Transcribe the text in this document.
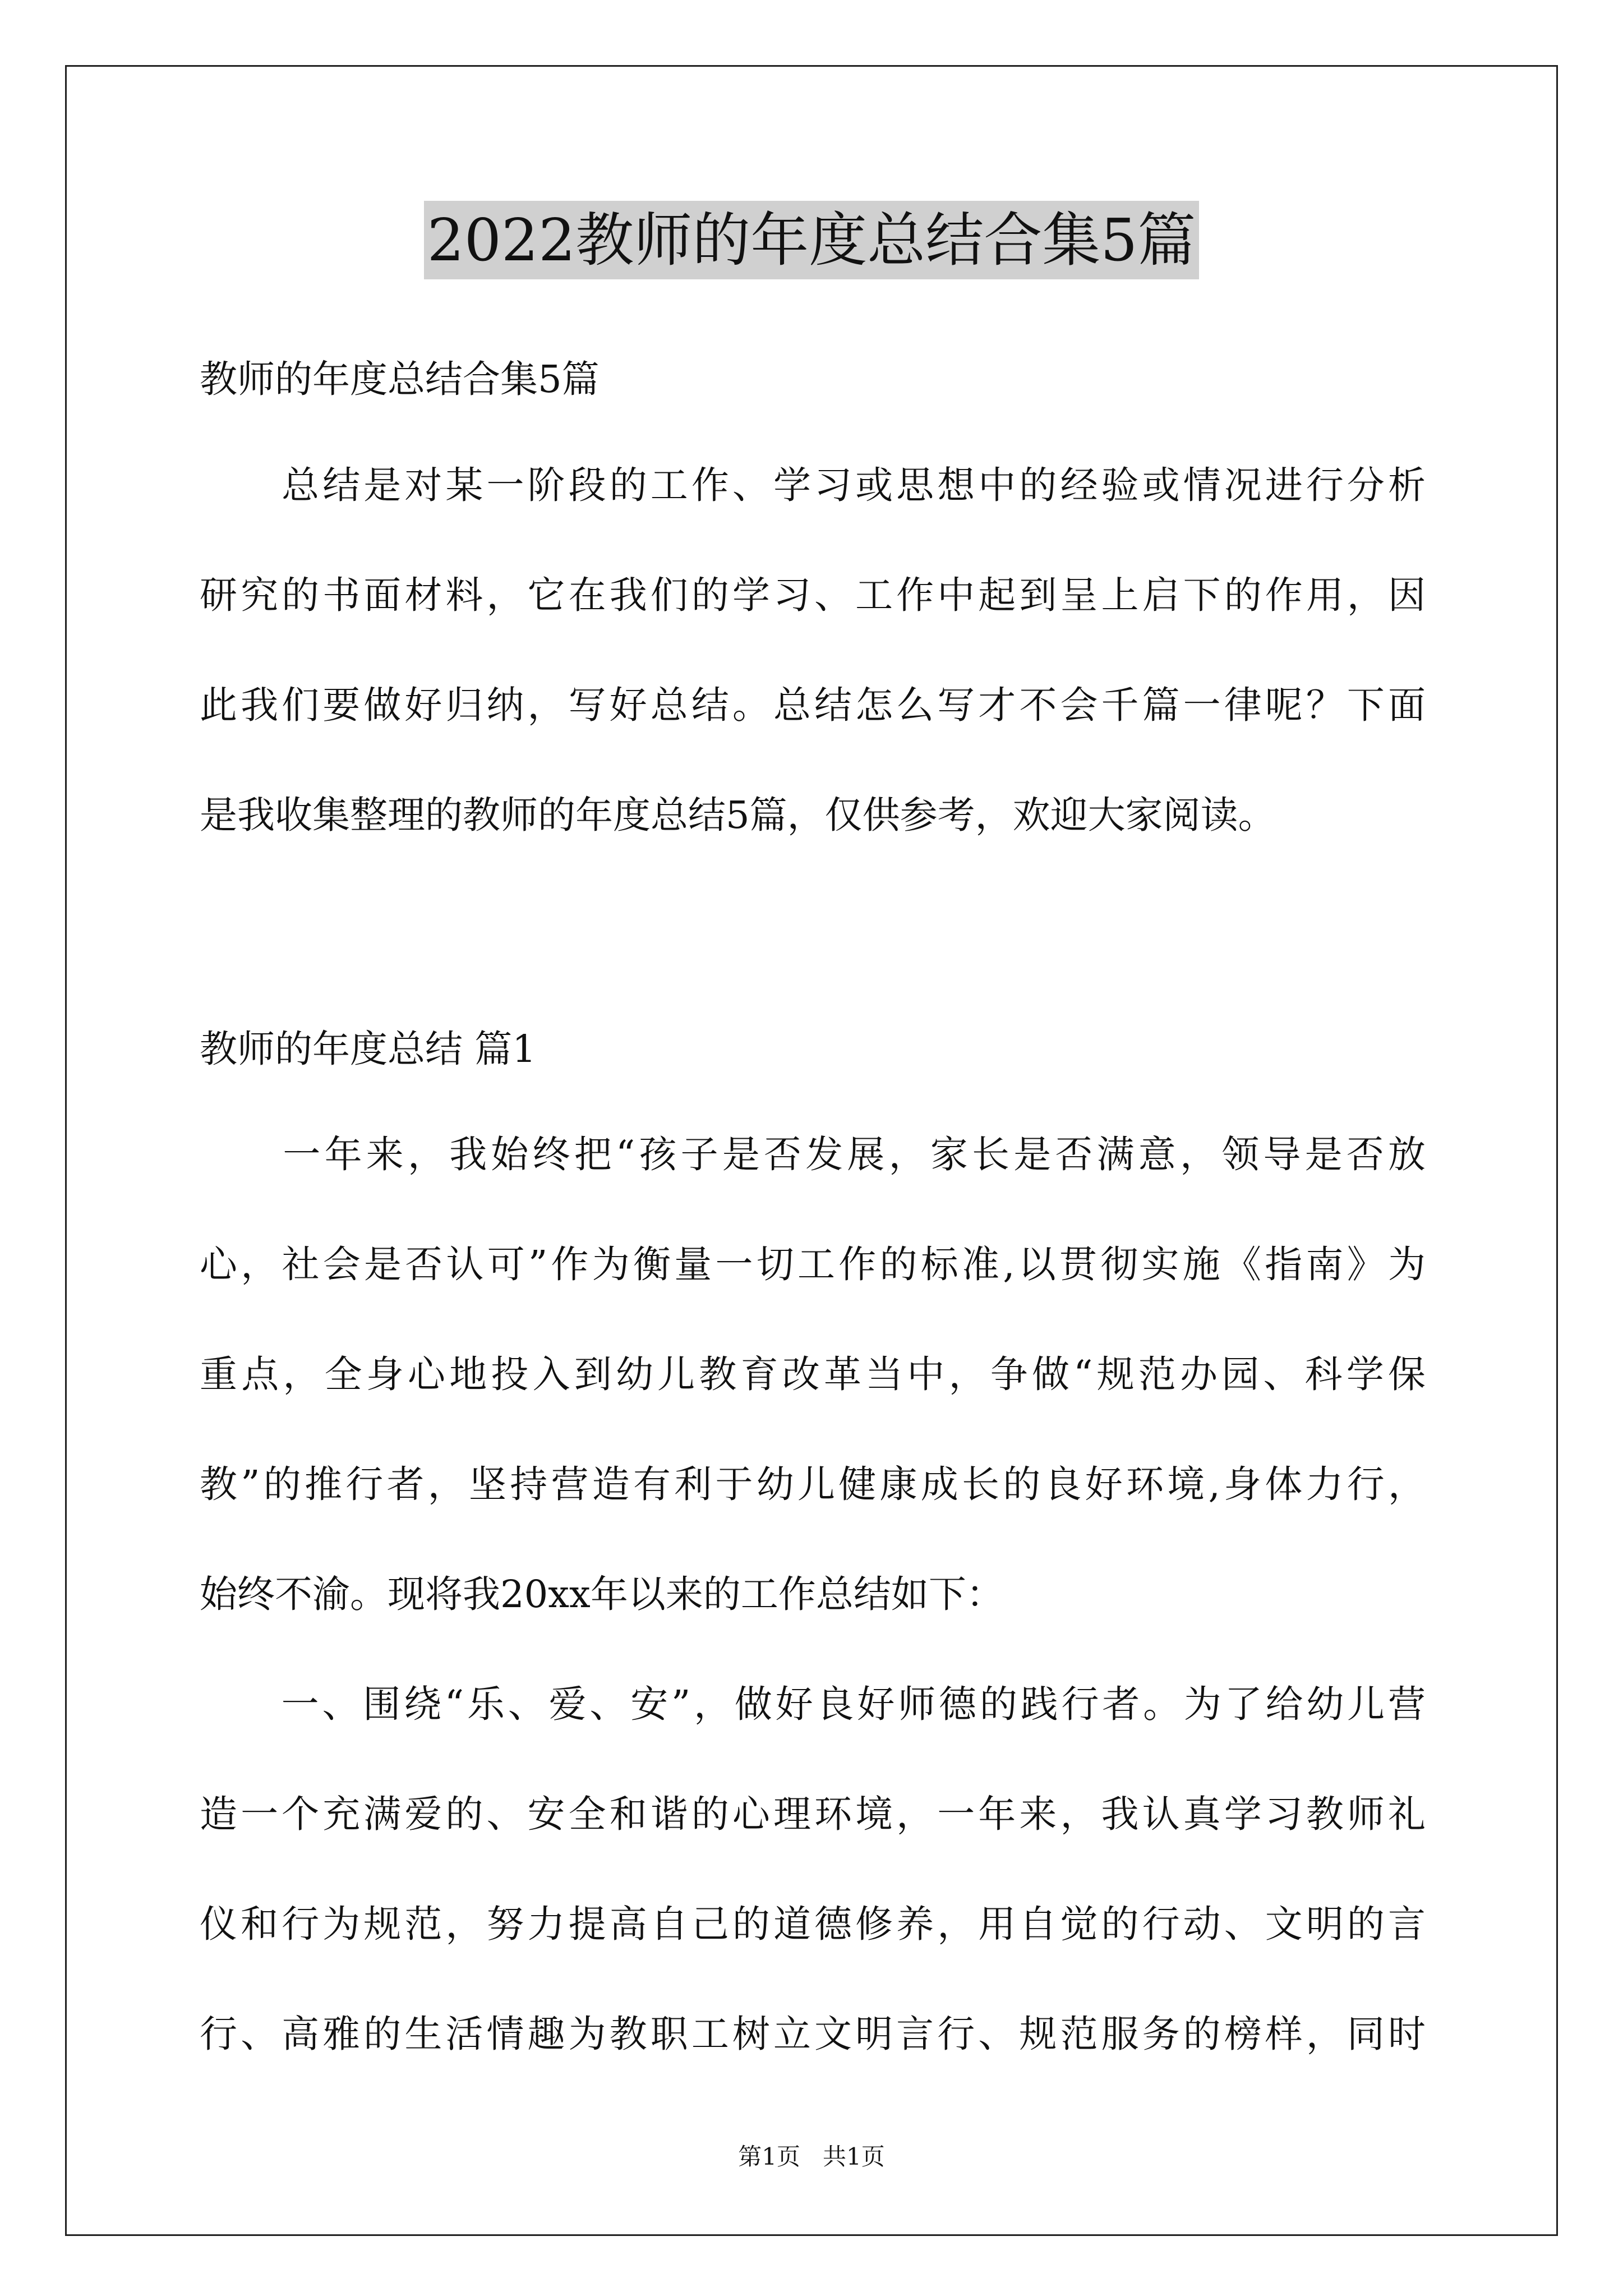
2022教师的年度总结合集5篇
教师的年度总结合集5篇
　　总结是对某一阶段的工作、学习或思想中的经验或情况进行分析
研究的书面材料，它在我们的学习、工作中起到呈上启下的作用，因
此我们要做好归纳，写好总结。总结怎么写才不会千篇一律呢？下面
是我收集整理的教师的年度总结5篇，仅供参考，欢迎大家阅读。
教师的年度总结 篇1
　　一年来，我始终把“孩子是否发展，家长是否满意，领导是否放
心，社会是否认可”作为衡量一切工作的标准,以贯彻实施《指南》为
重点，全身心地投入到幼儿教育改革当中，争做“规范办园、科学保
教”的推行者，坚持营造有利于幼儿健康成长的良好环境,身体力行，
始终不渝。现将我20xx年以来的工作总结如下：
　　一、围绕“乐、爱、安”，做好良好师德的践行者。为了给幼儿营
造一个充满爱的、安全和谐的心理环境，一年来，我认真学习教师礼
仪和行为规范，努力提高自己的道德修养，用自觉的行动、文明的言
行、高雅的生活情趣为教职工树立文明言行、规范服务的榜样，同时
第1页   共1页
